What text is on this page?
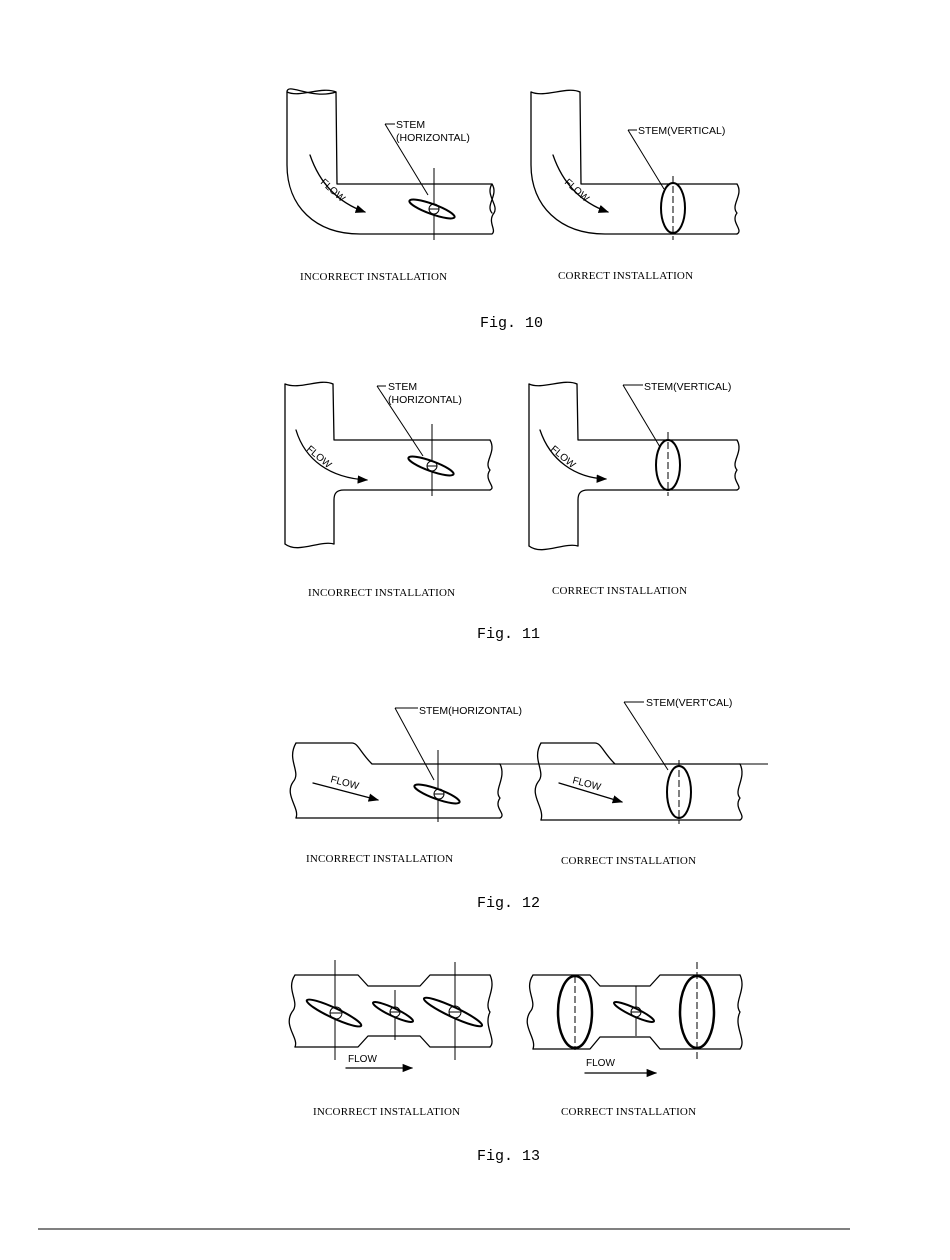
FLOW
STEM
(HORIZONTAL)
FLOW
STEM(VERTICAL)
INCORRECT INSTALLATION	CORRECT INSTALLATION
Fig. 10
FLOW
STEM
(HORIZONTAL)
FLOW
STEM(VERTICAL)
INCORRECT INSTALLATION	CORRECT INSTALLATION
Fig. 11
FLOW
STEM(HORIZONTAL)
FLOW
STEM(VERT'CAL)
INCORRECT INSTALLATION	CORRECT INSTALLATION
Fig. 12
FLOW	FLOW
INCORRECT INSTALLATION	CORRECT INSTALLATION
Fig. 13
